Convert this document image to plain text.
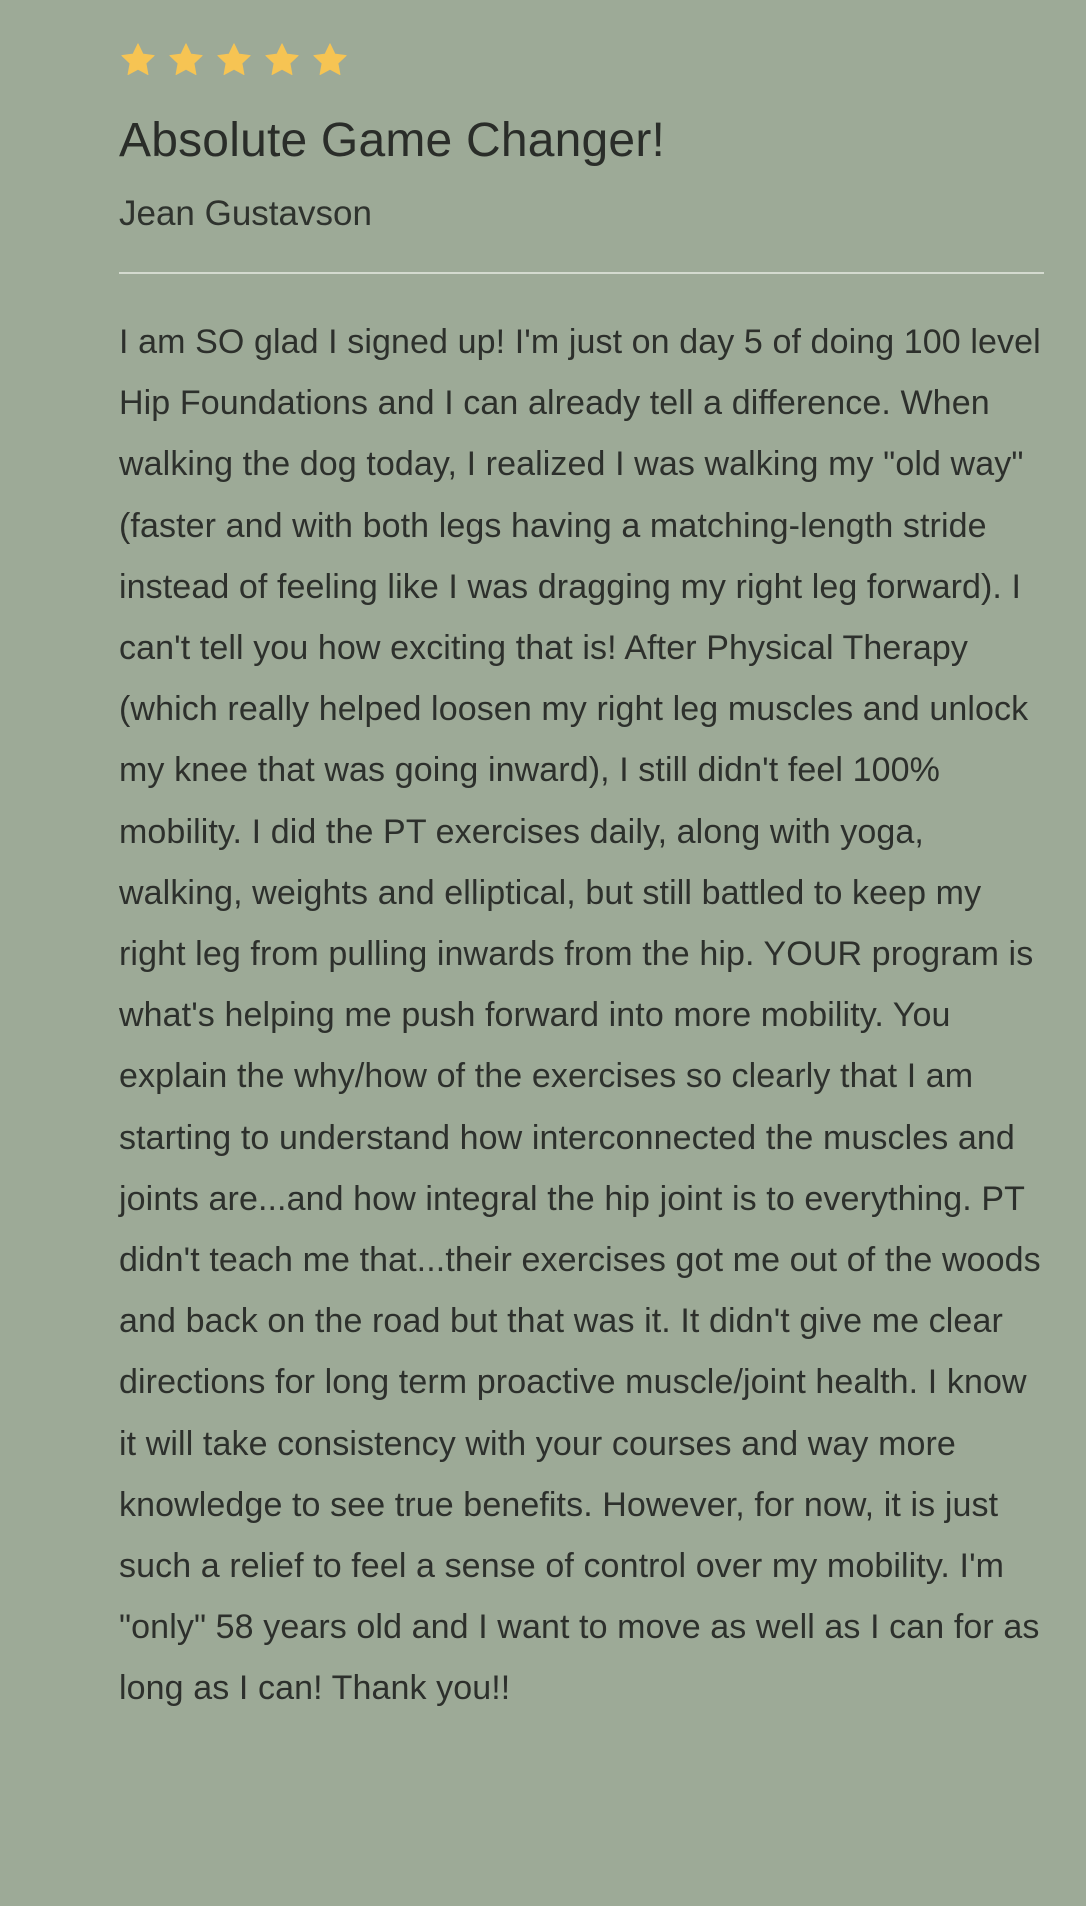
Absolute Game Changer!
Jean Gustavson

I am SO glad I signed up! I'm just on day 5 of doing 100 level Hip Foundations and I can already tell a difference. When walking the dog today, I realized I was walking my "old way" (faster and with both legs having a matching-length stride instead of feeling like I was dragging my right leg forward). I can't tell you how exciting that is! After Physical Therapy (which really helped loosen my right leg muscles and unlock my knee that was going inward), I still didn't feel 100% mobility. I did the PT exercises daily, along with yoga, walking, weights and elliptical, but still battled to keep my right leg from pulling inwards from the hip. YOUR program is what's helping me push forward into more mobility. You explain the why/how of the exercises so clearly that I am starting to understand how interconnected the muscles and joints are...and how integral the hip joint is to everything. PT didn't teach me that...their exercises got me out of the woods and back on the road but that was it. It didn't give me clear directions for long term proactive muscle/joint health. I know it will take consistency with your courses and way more knowledge to see true benefits. However, for now, it is just such a relief to feel a sense of control over my mobility. I'm "only" 58 years old and I want to move as well as I can for as long as I can! Thank you!!
